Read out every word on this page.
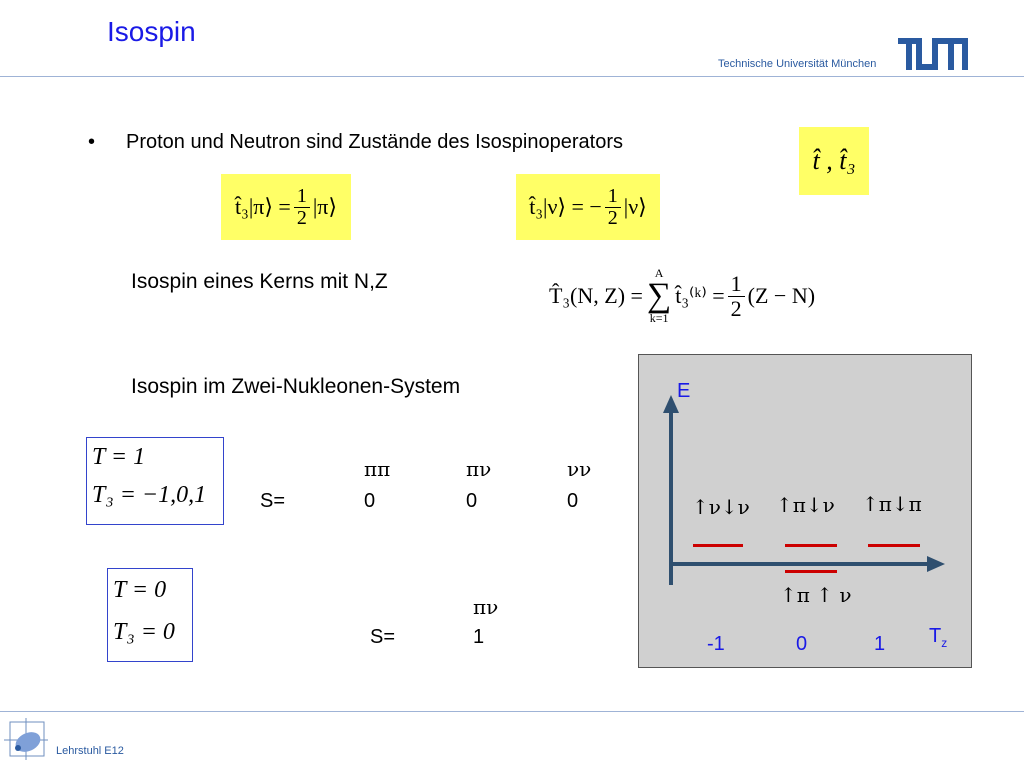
Isospin
Technische Universität München
• Proton und Neutron sind Zustände des Isospinoperators
t̂ , t̂₃
t̂₃|π⟩ = $\frac{1}{2}$ |π⟩	t̂₃|ν⟩ = − $\frac{1}{2}$ |ν⟩
Isospin eines Kerns mit N,Z
T̂₃(N, Z) =
A
∑
k=1
t̂₃⁽ᵏ⁾ = $\frac{1}{2} (Z - N)$
Isospin im Zwei-Nukleonen-System
T = 1
T₃ = −1,0,1
ππ	πν	νν
S=	0	0	0
T = 0
T₃ = 0
πν
S=	1
E
$T_z$
↑ν↓ν ↑π↓ν ↑π↓π
↑π ↑ ν
-1	0	1
Lehrstuhl E12
